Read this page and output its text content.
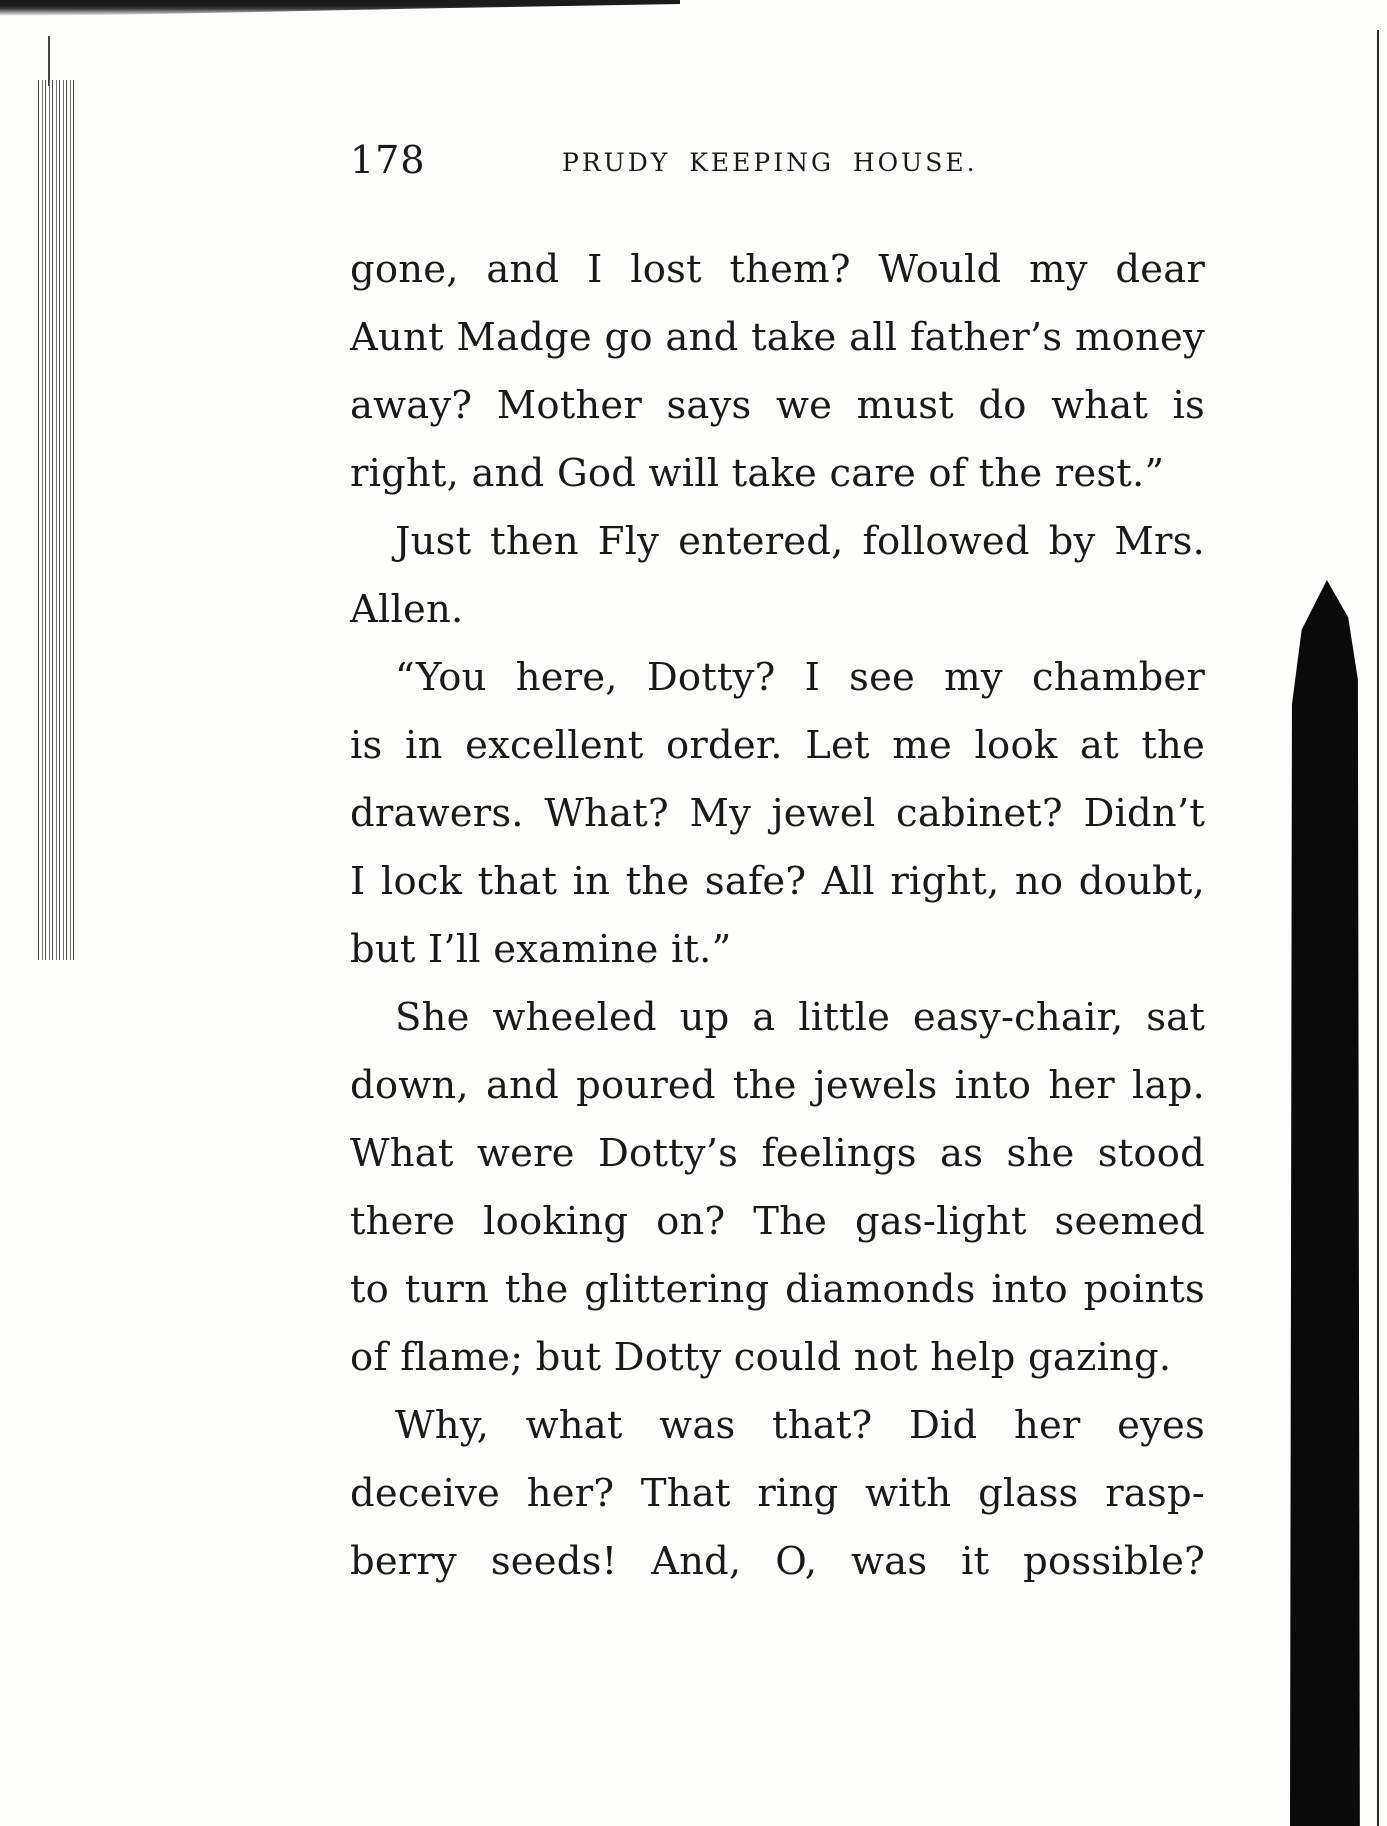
178	PRUDY KEEPING HOUSE.
gone, and I lost them? Would my dear
Aunt Madge go and take all father’s money
away? Mother says we must do what is
right, and God will take care of the rest.”
Just then Fly entered, followed by Mrs.
Allen.
“You here, Dotty? I see my chamber
is in excellent order. Let me look at the
drawers. What? My jewel cabinet? Didn’t
I lock that in the safe? All right, no doubt,
but I’ll examine it.”
She wheeled up a little easy-chair, sat
down, and poured the jewels into her lap.
What were Dotty’s feelings as she stood
there looking on? The gas-light seemed
to turn the glittering diamonds into points
of flame; but Dotty could not help gazing.
Why, what was that? Did her eyes
deceive her? That ring with glass rasp-
berry seeds! And, O, was it possible?
